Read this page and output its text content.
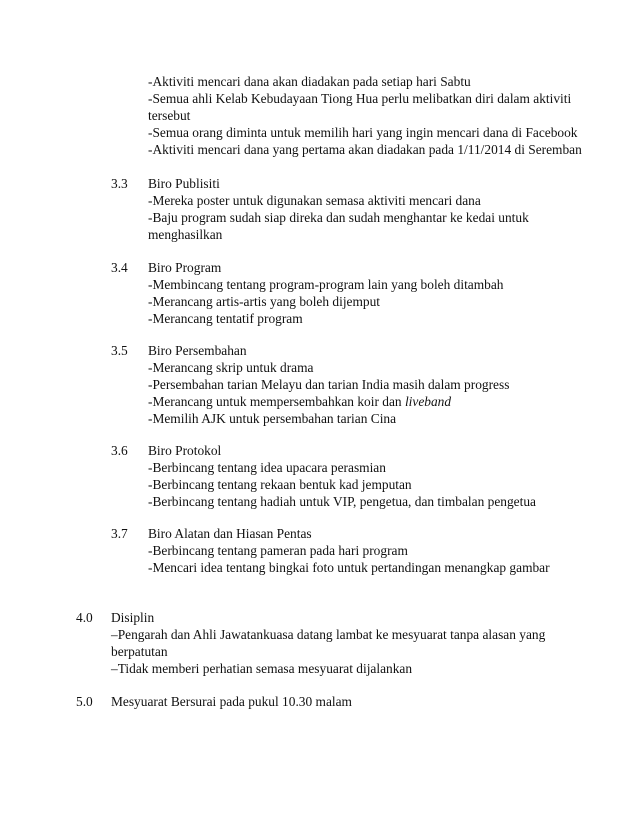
-Aktiviti mencari dana akan diadakan pada setiap hari Sabtu
-Semua ahli Kelab Kebudayaan Tiong Hua perlu melibatkan diri dalam aktiviti
tersebut
-Semua orang diminta untuk memilih hari yang ingin mencari dana di Facebook
-Aktiviti mencari dana yang pertama akan diadakan pada 1/11/2014 di Seremban
3.3 Biro Publisiti
-Mereka poster untuk digunakan semasa aktiviti mencari dana
-Baju program sudah siap direka dan sudah menghantar ke kedai untuk
menghasilkan
3.4 Biro Program
-Membincang tentang program-program lain yang boleh ditambah
-Merancang artis-artis yang boleh dijemput
-Merancang tentatif program
3.5 Biro Persembahan
-Merancang skrip untuk drama
-Persembahan tarian Melayu dan tarian India masih dalam progress
-Merancang untuk mempersembahkan koir dan liveband
-Memilih AJK untuk persembahan tarian Cina
3.6 Biro Protokol
-Berbincang tentang idea upacara perasmian
-Berbincang tentang rekaan bentuk kad jemputan
-Berbincang tentang hadiah untuk VIP, pengetua, dan timbalan pengetua
3.7 Biro Alatan dan Hiasan Pentas
-Berbincang tentang pameran pada hari program
-Mencari idea tentang bingkai foto untuk pertandingan menangkap gambar
4.0 Disiplin
–Pengarah dan Ahli Jawatankuasa datang lambat ke mesyuarat tanpa alasan yang
berpatutan
–Tidak memberi perhatian semasa mesyuarat dijalankan
5.0 Mesyuarat Bersurai pada pukul 10.30 malam
